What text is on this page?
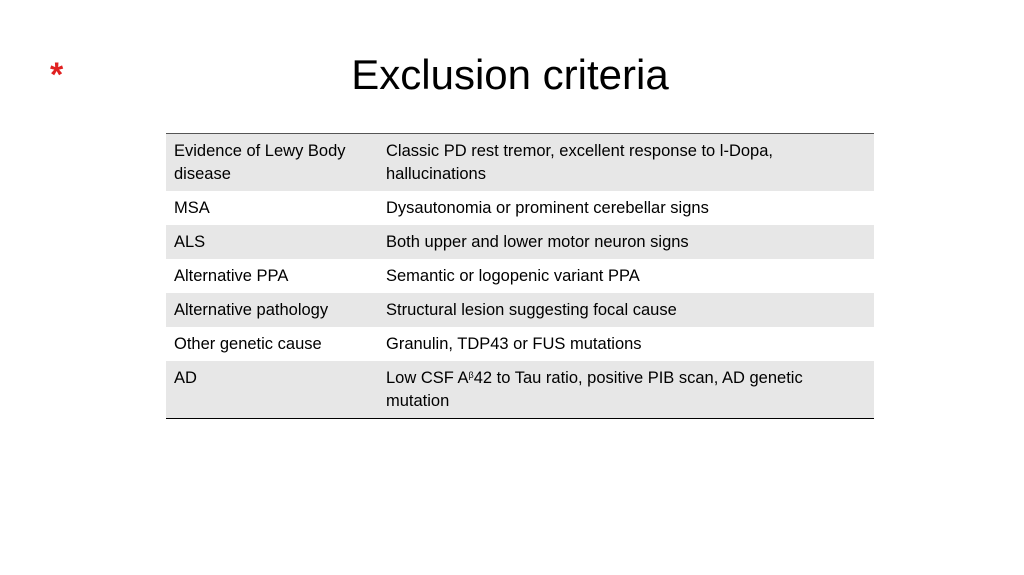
*	Exclusion criteria
Evidence of Lewy Body disease	Classic PD rest tremor, excellent response to l-Dopa, hallucinations
MSA	Dysautonomia or prominent cerebellar signs
ALS	Both upper and lower motor neuron signs
Alternative PPA	Semantic or logopenic variant PPA
Alternative pathology	Structural lesion suggesting focal cause
Other genetic cause	Granulin, TDP43 or FUS mutations
AD	Low CSF $A^\beta 42$ to Tau ratio, positive PIB scan, AD genetic mutation
